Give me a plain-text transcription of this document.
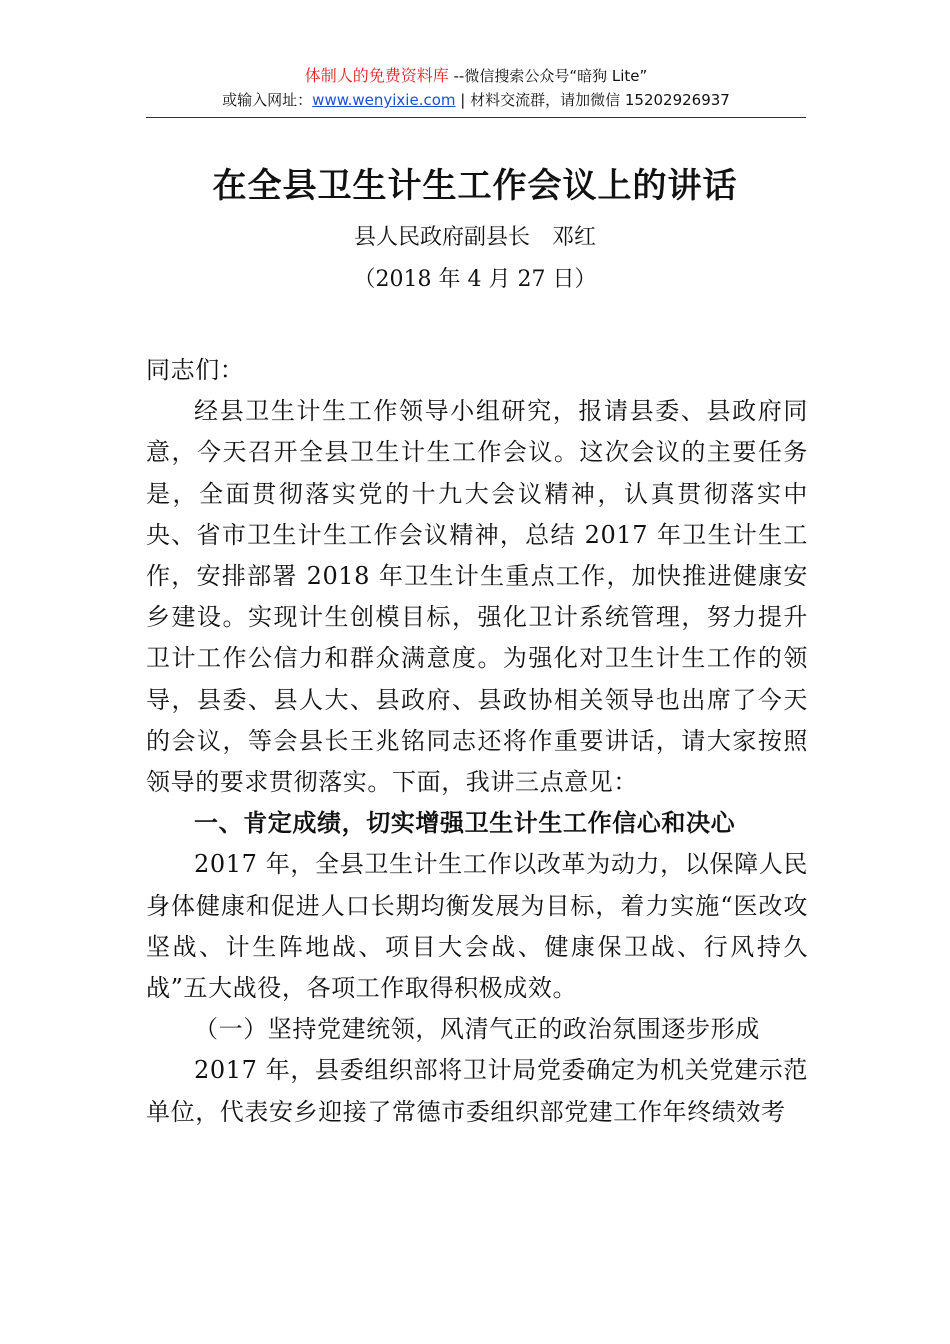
体制人的免费资料库 --微信搜索公众号“暗狗 Lite”
或输入网址：www.wenyixie.com | 材料交流群，请加微信 15202926937
在全县卫生计生工作会议上的讲话
县人民政府副县长　邓红
（2018 年 4 月 27 日）

同志们：

经县卫生计生工作领导小组研究，报请县委、县政府同意，今天召开全县卫生计生工作会议。这次会议的主要任务是，全面贯彻落实党的十九大会议精神，认真贯彻落实中央、省市卫生计生工作会议精神，总结 2017 年卫生计生工作，安排部署 2018 年卫生计生重点工作，加快推进健康安乡建设。实现计生创模目标，强化卫计系统管理，努力提升卫计工作公信力和群众满意度。为强化对卫生计生工作的领导，县委、县人大、县政府、县政协相关领导也出席了今天的会议，等会县长王兆铭同志还将作重要讲话，请大家按照领导的要求贯彻落实。下面，我讲三点意见：

一、肯定成绩，切实增强卫生计生工作信心和决心

2017 年，全县卫生计生工作以改革为动力，以保障人民身体健康和促进人口长期均衡发展为目标，着力实施“医改攻坚战、计生阵地战、项目大会战、健康保卫战、行风持久战”五大战役，各项工作取得积极成效。

（一）坚持党建统领，风清气正的政治氛围逐步形成

2017 年，县委组织部将卫计局党委确定为机关党建示范单位，代表安乡迎接了常德市委组织部党建工作年终绩效考
